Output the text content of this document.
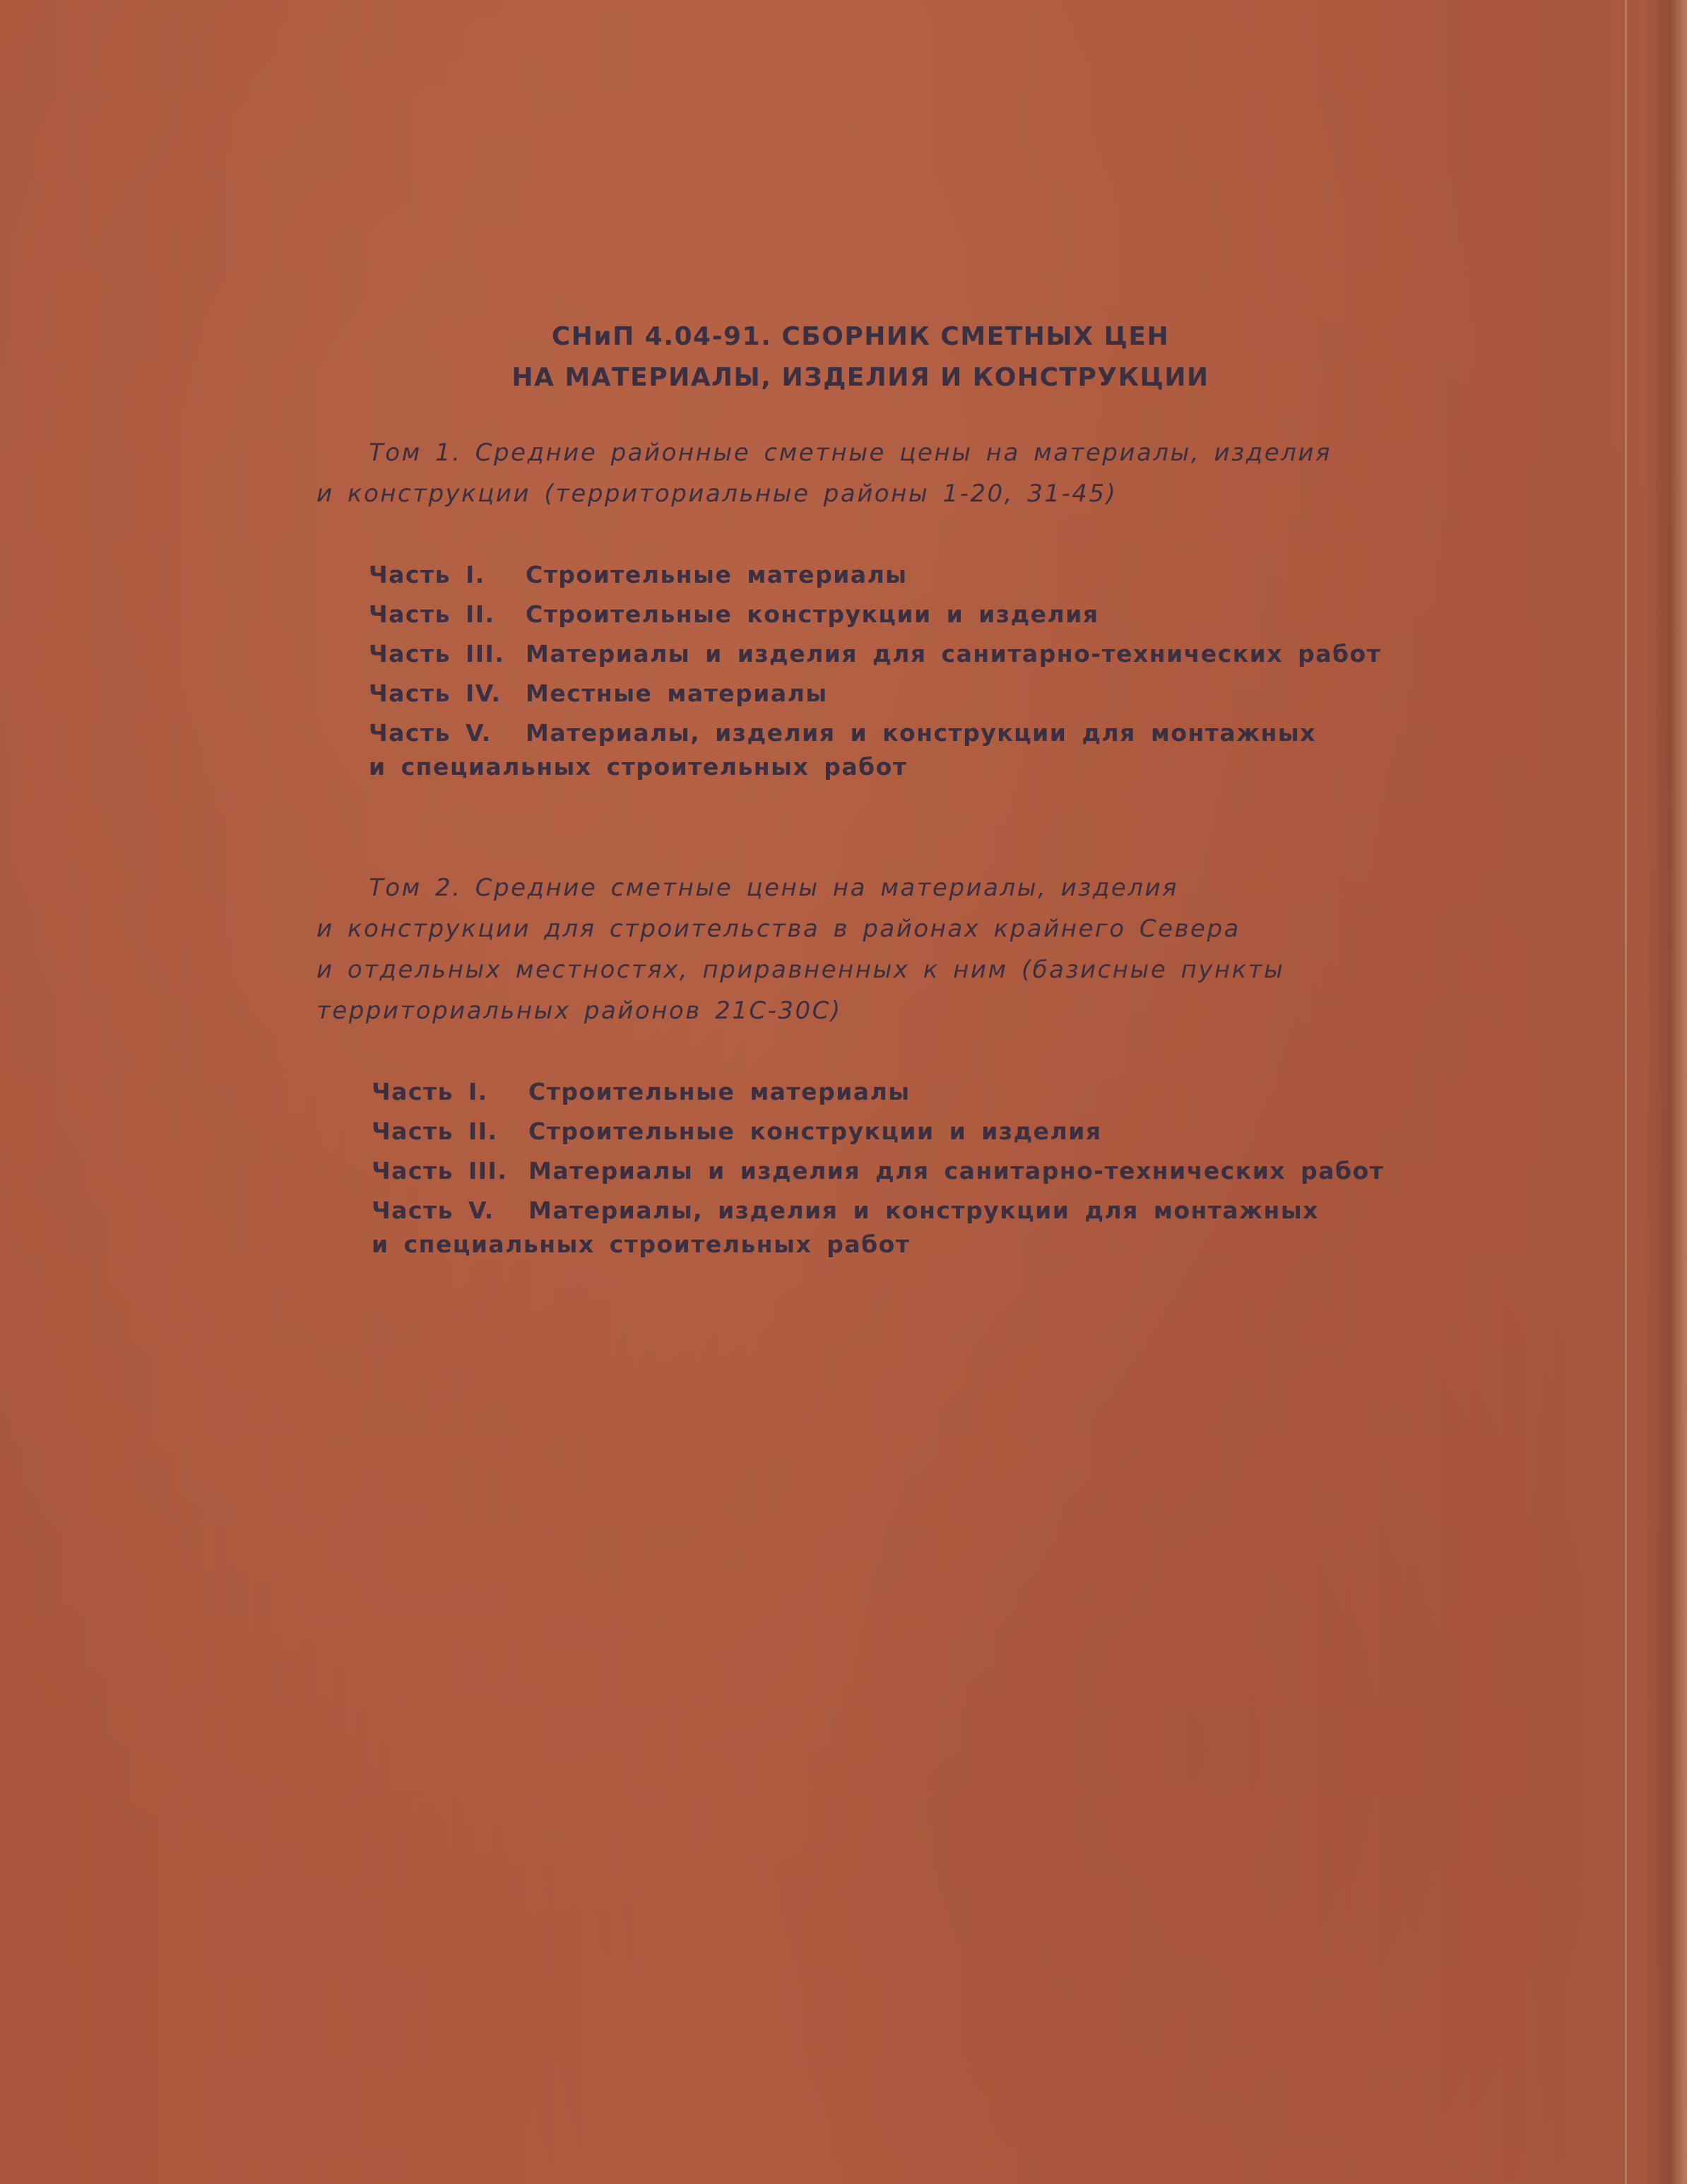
СНиП 4.04-91. СБОРНИК СМЕТНЫХ ЦЕН
НА МАТЕРИАЛЫ, ИЗДЕЛИЯ И КОНСТРУКЦИИ
Том 1. Средние районные сметные цены на материалы, изделия
и конструкции (территориальные районы 1-20, 31-45)
Часть I.	Строительные материалы
Часть II.	Строительные конструкции и изделия
Часть III. Материалы и изделия для санитарно-технических работ
Часть IV.	Местные материалы
Часть V.	Материалы, изделия и конструкции для монтажных
и специальных строительных работ
Том 2. Средние сметные цены на материалы, изделия
и конструкции для строительства в районах крайнего Севера
и отдельных местностях, приравненных к ним (базисные пункты
территориальных районов 21С-30С)
Часть I.	Строительные материалы
Часть II.	Строительные конструкции и изделия
Часть III. Материалы и изделия для санитарно-технических работ
Часть V.	Материалы, изделия и конструкции для монтажных
и специальных строительных работ
